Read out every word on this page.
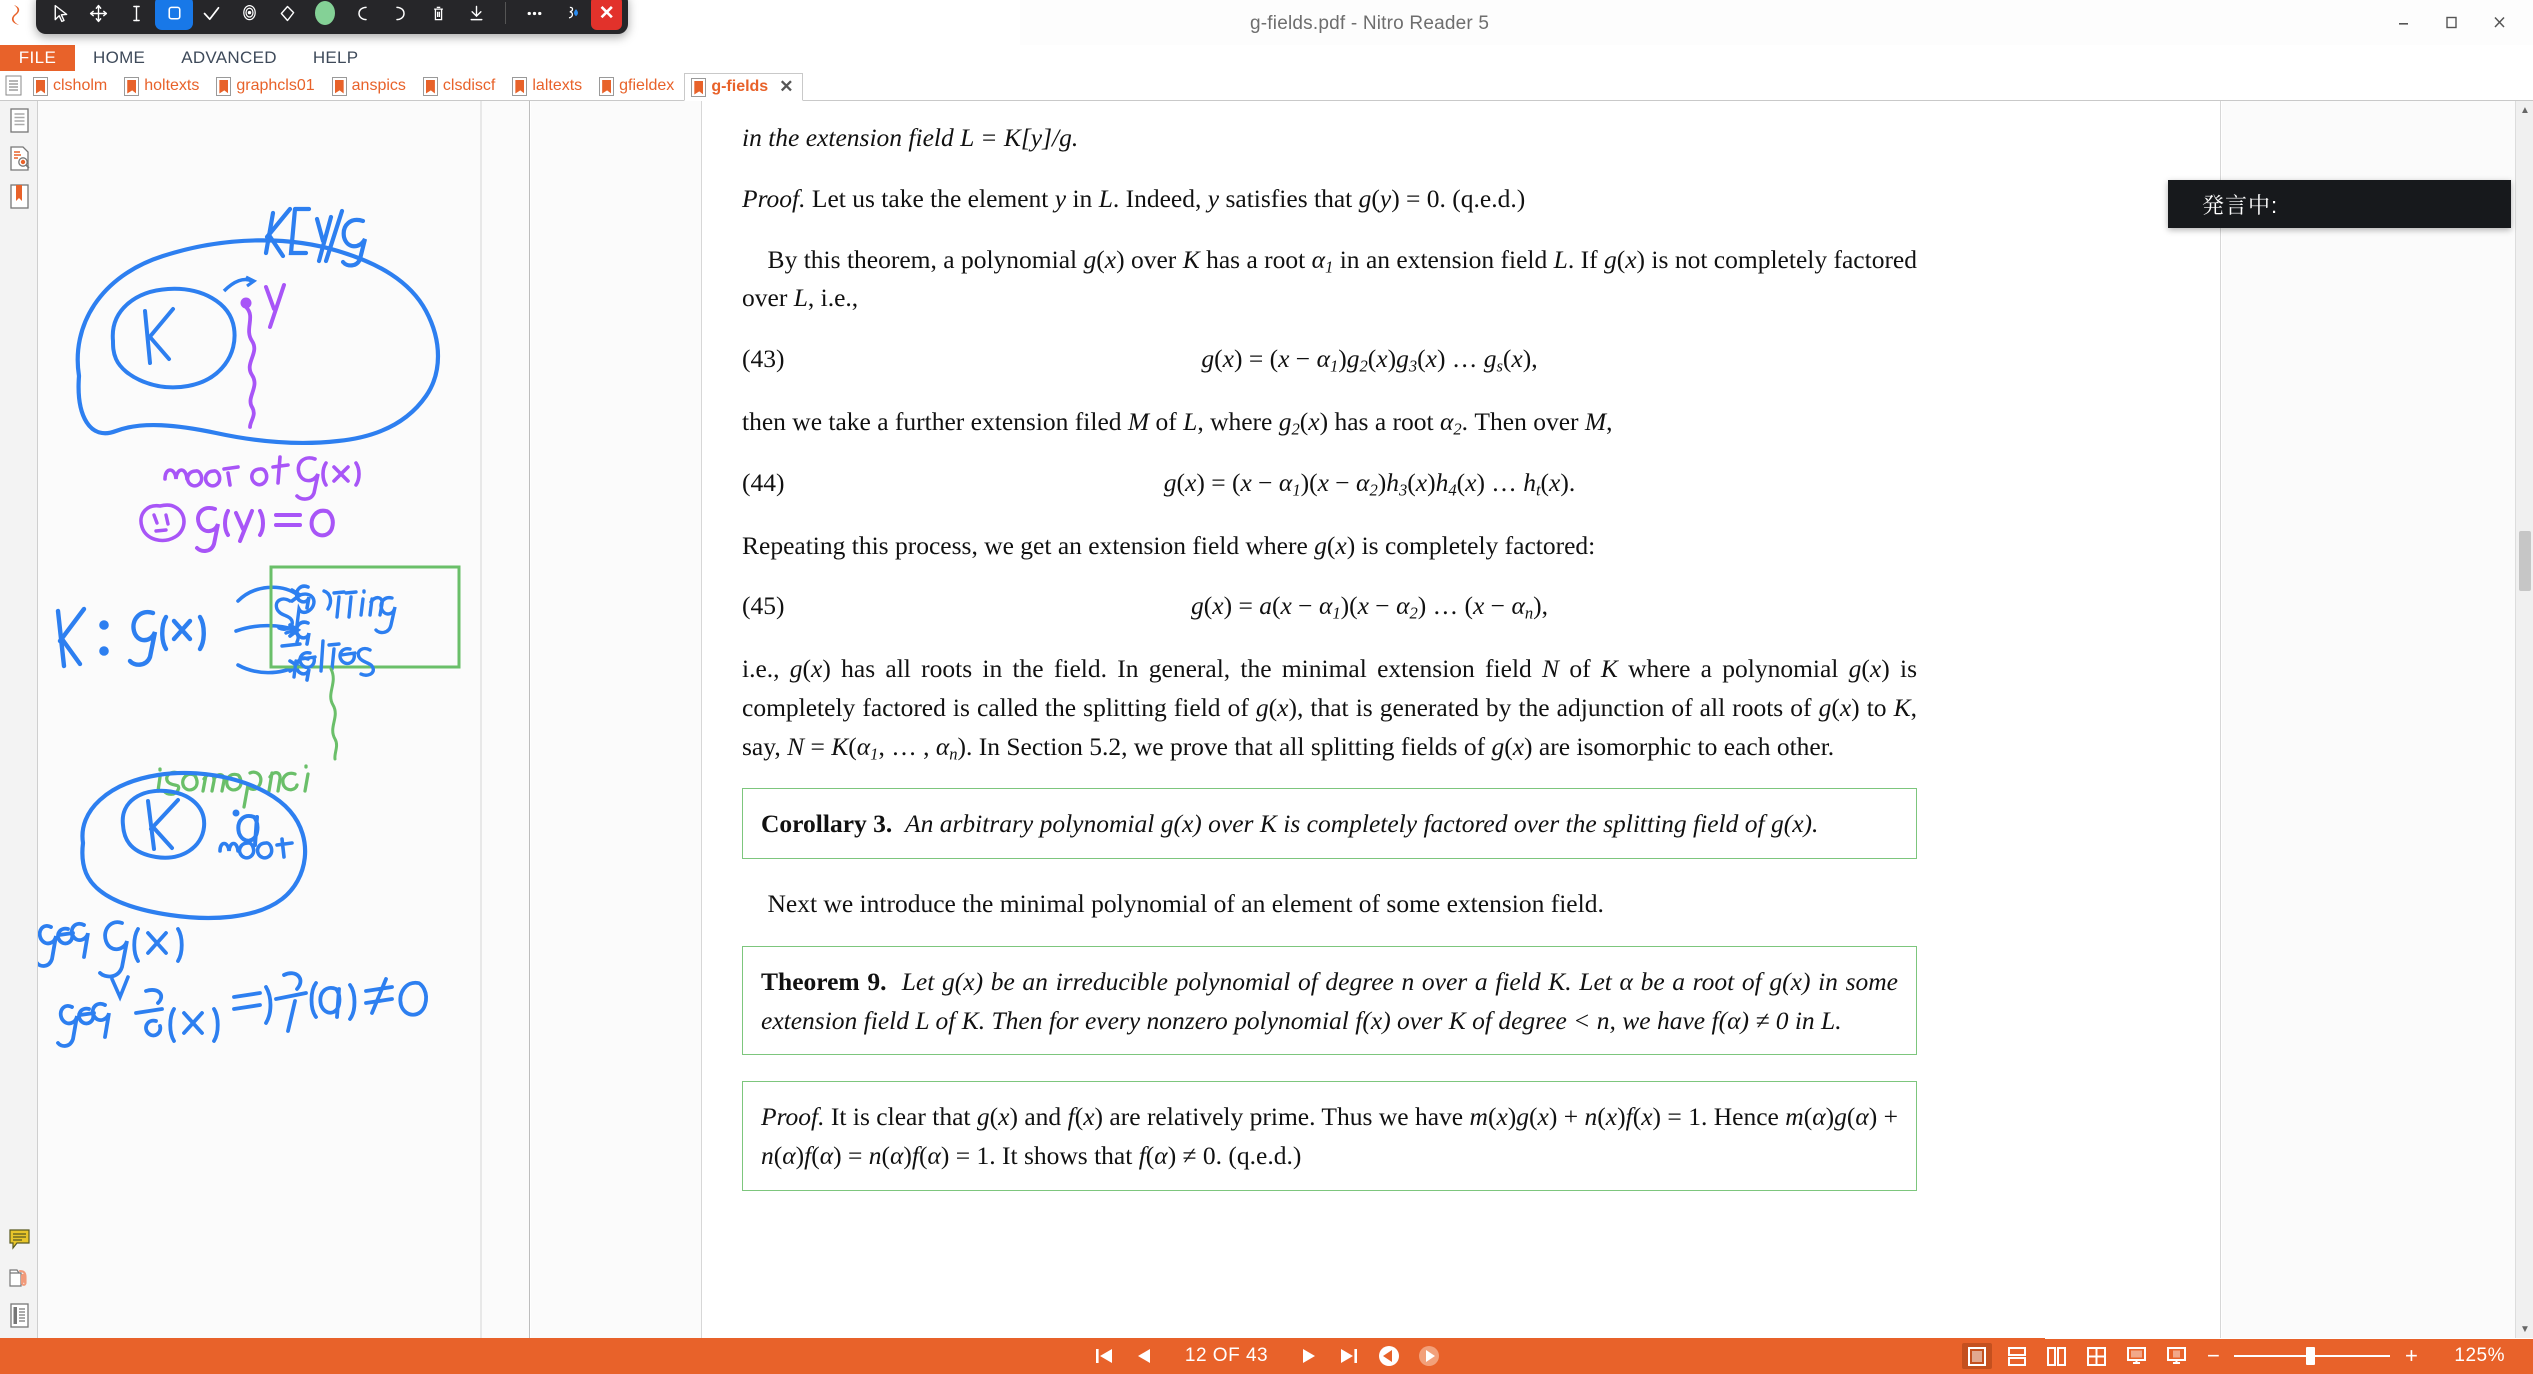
g-fields.pdf - Nitro Reader 5
✕
FILE	HOME	ADVANCED	HELP
clsholm holtexts graphcls01 anspics clsdiscf laltexts gfieldex g-fields ✕

in the extension field L = K[y]/g.

Proof. Let us take the element y in L. Indeed, y satisfies that g(y) = 0. (q.e.d.)

By this theorem, a polynomial g(x) over K has a root $\alpha_1$ in an extension field L. If g(x) is not completely factored over L, i.e.,

(43)	$g(x) = (x - \alpha_1)g_2(x)g_3(x)$ … $g_s(x)$,

then we take a further extension filed M of L, where $g_2(x)$ has a root $\alpha_2$. Then over M,

(44)	$g(x) = (x - \alpha_1)(x - \alpha_2)h_3(x)h_4(x)$ … $h_t(x)$.

Repeating this process, we get an extension field where g(x) is completely factored:

(45)	$g(x) = a(x - \alpha_1)(x - \alpha_2)$ … $(x - \alpha_n)$,

i.e., g(x) has all roots in the field. In general, the minimal extension field N of K where a polynomial g(x) is completely factored is called the splitting field of g(x), that is generated by the adjunction of all roots of g(x) to K, say, $N = K(\alpha_1$, … , $\alpha_n$). In Section 5.2, we prove that all splitting fields of g(x) are isomorphic to each other.

Corollary 3. An arbitrary polynomial g(x) over K is completely factored over the splitting field of g(x).

Next we introduce the minimal polynomial of an element of some extension field.

Theorem 9. Let g(x) be an irreducible polynomial of degree n over a field K. Let α be a root of g(x) in some extension field L of K. Then for every nonzero polynomial f(x) over K of degree < n, we have f(α) ≠ 0 in L.

Proof. It is clear that g(x) and f(x) are relatively prime. Thus we have m(x)g(x) + n(x)f(x) = 1. Hence m(α)g(α) + n(α)f(α) = n(α)f(α) = 1. It shows that f(α) ≠ 0. (q.e.d.)

▲
▼
発言中:
12 OF 43	−	+ 125%
